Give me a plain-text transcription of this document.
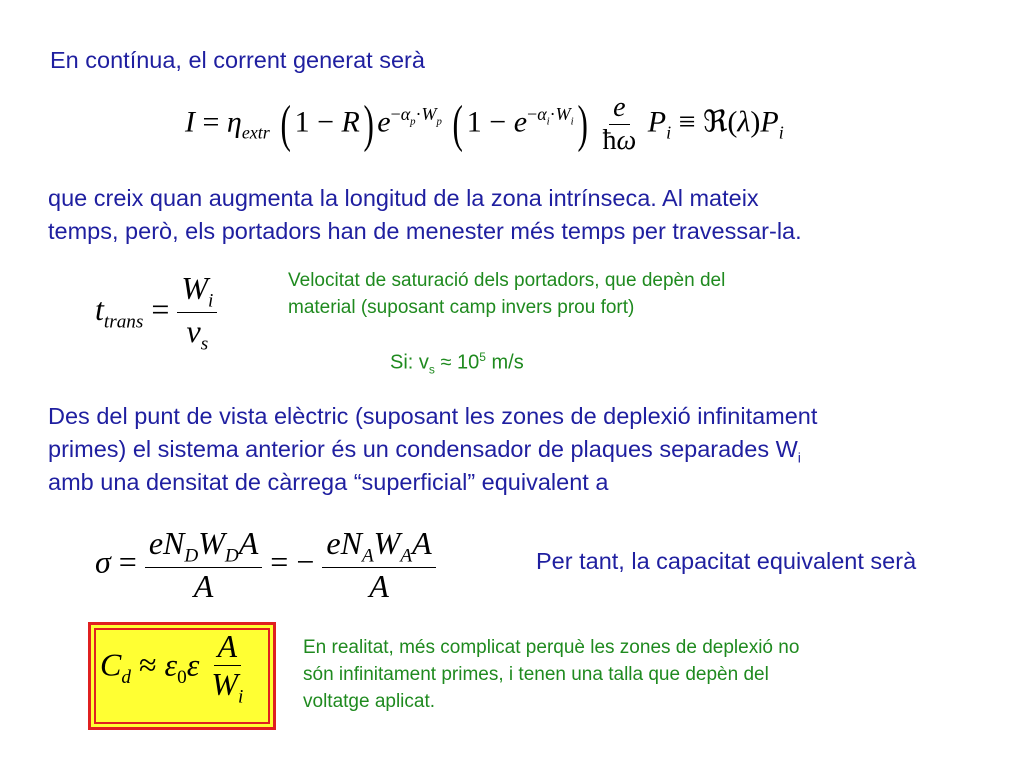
En contínua, el corrent generat serà
$I = \eta_{extr}$ ( 1 − R) $e^{-\alpha_p\cdot W_p}$ ( $1 - e^{-\alpha_i\cdot W_i}) \frac{e}{ħ\omega} P_i$ ≡ $ℜ(\lambda)P_i$
que creix quan augmenta la longitud de la zona intrínseca. Al mateix
temps, però, els portadors han de menester més temps per travessar-la.
$t_{trans} = \frac{W_i}{v_s}$	Velocitat de saturació dels portadors, que depèn del
material (suposant camp invers prou fort)
Si: $v_s \approx 10^5$ m/s
Des del punt de vista elèctric (suposant les zones de deplexió infinitament
primes) el sistema anterior és un condensador de plaques separades $W_i$
amb una densitat de càrrega “superficial” equivalent a
$\sigma = \frac{eN_DW_DA}{A}$ = − $\frac{eN_AW_AA}{A}$	Per tant, la capacitat equivalent serà
$C_d \approx \varepsilon_0\varepsilon \frac{A}{W_i}$	En realitat, més complicat perquè les zones de deplexió no
són infinitament primes, i tenen una talla que depèn del
voltatge aplicat.
